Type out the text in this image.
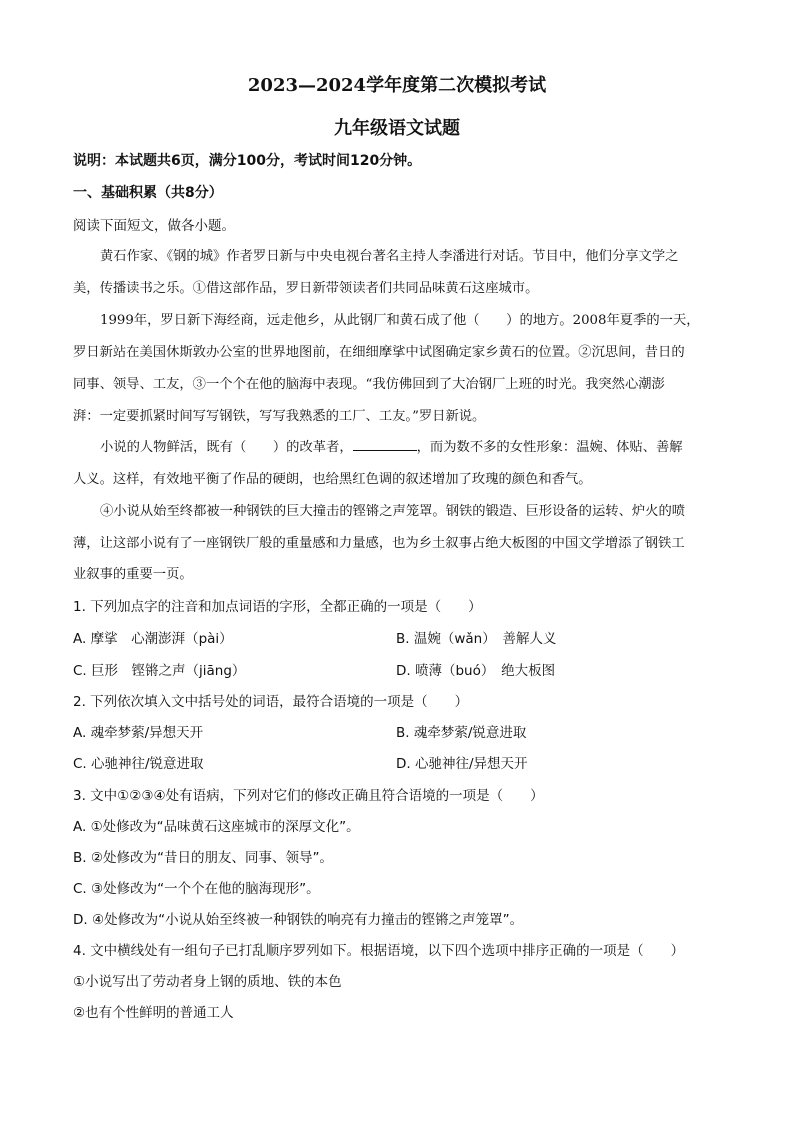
2023—2024学年度第二次模拟考试
九年级语文试题
说明：本试题共6页，满分100分，考试时间120分钟。
一、基础积累（共8分）
阅读下面短文，做各小题。
黄石作家、《钢的城》作者罗日新与中央电视台著名主持人李潘进行对话。节目中，他们分享文学之
美，传播读书之乐。①借这部作品，罗日新带领读者们共同品味黄石这座城市。
1999年，罗日新下海经商，远走他乡，从此钢厂和黄石成了他（　　）的地方。2008年夏季的一天，
罗日新站在美国休斯敦办公室的世界地图前，在细细摩挲中试图确定家乡黄石的位置。②沉思间，昔日的
同事、领导、工友，③一个个在他的脑海中表现。“我仿佛回到了大冶钢厂上班的时光。我突然心潮澎
湃：一定要抓紧时间写写钢铁，写写我熟悉的工厂、工友。”罗日新说。
小说的人物鲜活，既有（　　）的改革者，	，而为数不多的女性形象：温婉、体贴、善解
人义。这样，有效地平衡了作品的硬朗，也给黑红色调的叙述增加了玫瑰的颜色和香气。
④小说从始至终都被一种钢铁的巨大撞击的铿锵之声笼罩。钢铁的锻造、巨形设备的运转、炉火的喷
薄，让这部小说有了一座钢铁厂般的重量感和力量感，也为乡土叙事占绝大板图的中国文学增添了钢铁工
业叙事的重要一页。
1. 下列加点字的注音和加点词语的字形，全都正确的一项是（　　）
A. 摩挲　心潮澎湃（pài）	B. 温婉（wǎn）　善解人义
C. 巨形　铿锵之声（jiāng）	D. 喷薄（buó）　绝大板图
2. 下列依次填入文中括号处的词语，最符合语境的一项是（　　）
A. 魂牵梦萦/异想天开	B. 魂牵梦萦/锐意进取
C. 心驰神往/锐意进取	D. 心驰神往/异想天开
3. 文中①②③④处有语病，下列对它们的修改正确且符合语境的一项是（　　）
A. ①处修改为“品味黄石这座城市的深厚文化”。
B. ②处修改为“昔日的朋友、同事、领导”。
C. ③处修改为“一个个在他的脑海现形”。
D. ④处修改为“小说从始至终被一种钢铁的响亮有力撞击的铿锵之声笼罩”。
4. 文中横线处有一组句子已打乱顺序罗列如下。根据语境，以下四个选项中排序正确的一项是（　　）
①小说写出了劳动者身上钢的质地、铁的本色
②也有个性鲜明的普通工人
